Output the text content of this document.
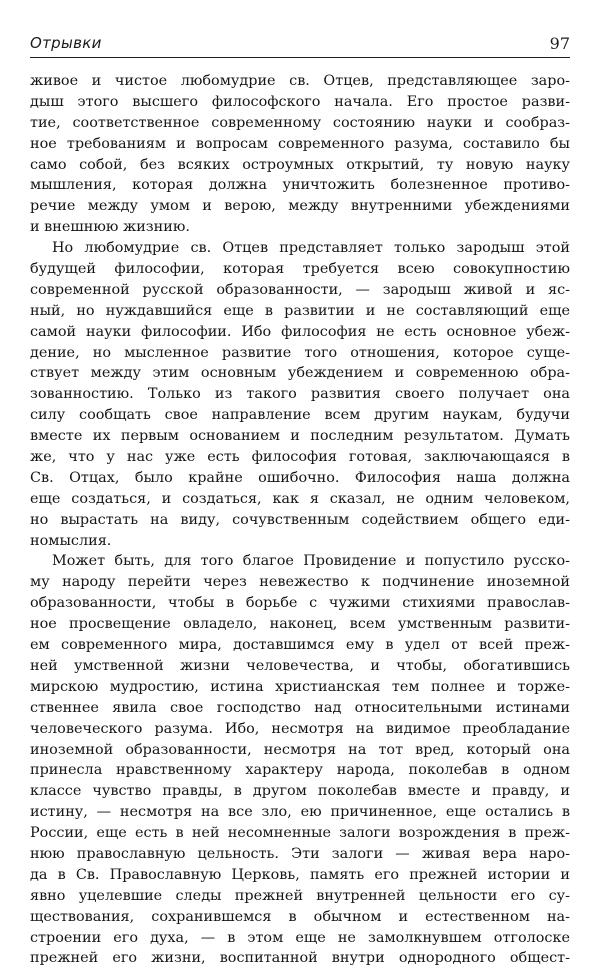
Отрывки	97
живое и чистое любомудрие св. Отцев, представляющее заро-
дыш этого высшего философского начала. Его простое разви-
тие, соответственное современному состоянию науки и сообраз-
ное требованиям и вопросам современного разума, составило бы
само собой, без всяких остроумных открытий, ту новую науку
мышления, которая должна уничтожить болезненное противо-
речие между умом и верою, между внутренними убеждениями
и внешнюю жизнию.
Но любомудрие св. Отцев представляет только зародыш этой
будущей философии, которая требуется всею совокупностию
современной русской образованности, — зародыш живой и яс-
ный, но нуждавшийся еще в развитии и не составляющий еще
самой науки философии. Ибо философия не есть основное убеж-
дение, но мысленное развитие того отношения, которое суще-
ствует между этим основным убеждением и современною обра-
зованностию. Только из такого развития своего получает она
силу сообщать свое направление всем другим наукам, будучи
вместе их первым основанием и последним результатом. Думать
же, что у нас уже есть философия готовая, заключающаяся в
Св. Отцах, было крайне ошибочно. Философия наша должна
еще создаться, и создаться, как я сказал, не одним человеком,
но вырастать на виду, сочувственным содействием общего еди-
номыслия.
Может быть, для того благое Провидение и попустило русско-
му народу перейти через невежество к подчинение иноземной
образованности, чтобы в борьбе с чужими стихиями православ-
ное просвещение овладело, наконец, всем умственным развити-
ем современного мира, доставшимся ему в удел от всей преж-
ней умственной жизни человечества, и чтобы, обогатившись
мирскою мудростию, истина христианская тем полнее и торже-
ственнее явила свое господство над относительными истинами
человеческого разума. Ибо, несмотря на видимое преобладание
иноземной образованности, несмотря на тот вред, который она
принесла нравственному характеру народа, поколебав в одном
классе чувство правды, в другом поколебав вместе и правду, и
истину, — несмотря на все зло, ею причиненное, еще остались в
России, еще есть в ней несомненные залоги возрождения в преж-
нюю православную цельность. Эти залоги — живая вера наро-
да в Св. Православную Церковь, память его прежней истории и
явно уцелевшие следы прежней внутренней цельности его су-
ществования, сохранившемся в обычном и естественном на-
строении его духа, — в этом еще не замолкнувшем отголоске
прежней его жизни, воспитанной внутри однородного общест-
